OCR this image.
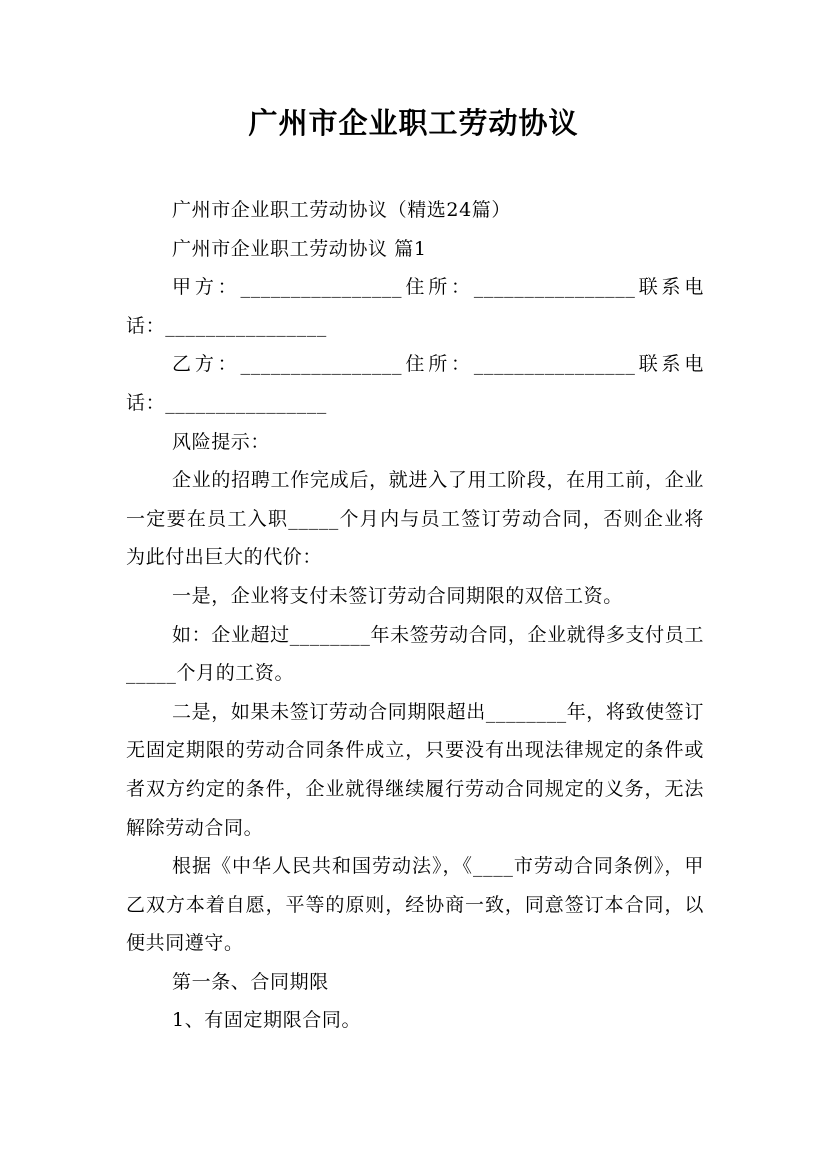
广州市企业职工劳动协议

广州市企业职工劳动协议（精选24篇）

广州市企业职工劳动协议 篇1

甲方：________________住所：________________联系电话：________________

乙方：________________住所：________________联系电话：________________

风险提示：

企业的招聘工作完成后，就进入了用工阶段，在用工前，企业一定要在员工入职_____个月内与员工签订劳动合同，否则企业将为此付出巨大的代价：

一是，企业将支付未签订劳动合同期限的双倍工资。

如：企业超过________年未签劳动合同，企业就得多支付员工_____个月的工资。

二是，如果未签订劳动合同期限超出________年，将致使签订无固定期限的劳动合同条件成立，只要没有出现法律规定的条件或者双方约定的条件，企业就得继续履行劳动合同规定的义务，无法解除劳动合同。

根据《中华人民共和国劳动法》，《____市劳动合同条例》，甲乙双方本着自愿，平等的原则，经协商一致，同意签订本合同，以便共同遵守。

第一条、合同期限

1、有固定期限合同。
